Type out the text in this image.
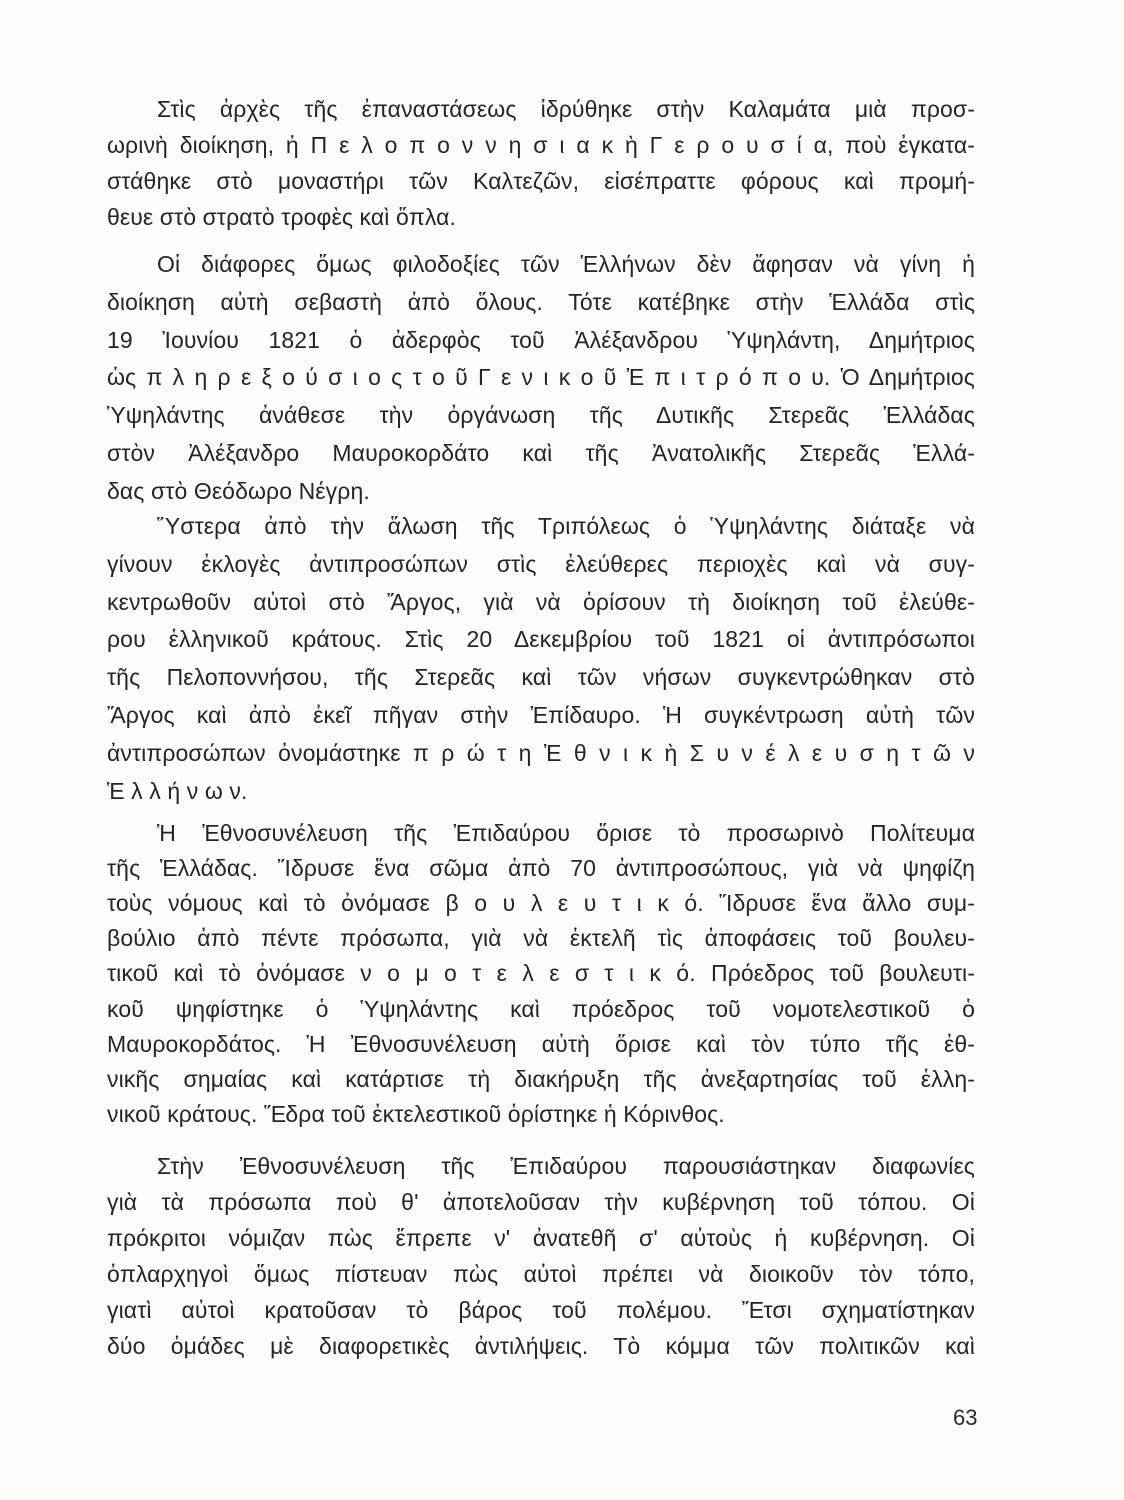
63
Στὶς ἀρχὲς τῆς ἐπαναστάσεως ἱδρύθηκε στὴν Καλαμάτα μιὰ προσ-
ωρινὴ διοίκηση, ἡ Π ε λ ο π ο ν ν η σ ι α κ ὴ Γ ε ρ ο υ σ ί α, ποὺ ἐγκατα-
στάθηκε στὸ μοναστήρι τῶν Καλτεζῶν, εἰσέπραττε φόρους καὶ προμή-
θευε στὸ στρατὸ τροφὲς καὶ ὅπλα.
Οἱ διάφορες ὅμως φιλοδοξίες τῶν Ἑλλήνων δὲν ἄφησαν νὰ γίνη ἡ
διοίκηση αὐτὴ σεβαστὴ ἀπὸ ὅλους. Τότε κατέβηκε στὴν Ἑλλάδα στὶς
19 Ἰουνίου 1821 ὁ ἀδερφὸς τοῦ Ἀλέξανδρου Ὑψηλάντη, Δημήτριος
ὡς π λ η ρ ε ξ ο ύ σ ι ο ς τ ο ῦ Γ ε ν ι κ ο ῦ Ἐ π ι τ ρ ό π ο υ. Ὁ Δημήτριος
Ὑψηλάντης ἀνάθεσε τὴν ὀργάνωση τῆς Δυτικῆς Στερεᾶς Ἑλλάδας
στὸν Ἀλέξανδρο Μαυροκορδάτο καὶ τῆς Ἀνατολικῆς Στερεᾶς Ἑλλά-
δας στὸ Θεόδωρο Νέγρη.
Ὕστερα ἀπὸ τὴν ἅλωση τῆς Τριπόλεως ὁ Ὑψηλάντης διάταξε νὰ
γίνουν ἐκλογὲς ἀντιπροσώπων στὶς ἐλεύθερες περιοχὲς καὶ νὰ συγ-
κεντρωθοῦν αὐτοὶ στὸ Ἄργος, γιὰ νὰ ὁρίσουν τὴ διοίκηση τοῦ ἐλεύθε-
ρου ἑλληνικοῦ κράτους. Στὶς 20 Δεκεμβρίου τοῦ 1821 οἱ ἀντιπρόσωποι
τῆς Πελοποννήσου, τῆς Στερεᾶς καὶ τῶν νήσων συγκεντρώθηκαν στὸ
Ἄργος καὶ ἀπὸ ἐκεῖ πῆγαν στὴν Ἐπίδαυρο. Ἡ συγκέντρωση αὐτὴ τῶν
ἀντιπροσώπων ὀνομάστηκε π ρ ώ τ η Ἐ θ ν ι κ ὴ Σ υ ν έ λ ε υ σ η τ ῶ ν
Ἑ λ λ ή ν ω ν.
Ἡ Ἐθνοσυνέλευση τῆς Ἐπιδαύρου ὅρισε τὸ προσωρινὸ Πολίτευμα
τῆς Ἑλλάδας. Ἵδρυσε ἕνα σῶμα ἀπὸ 70 ἀντιπροσώπους, γιὰ νὰ ψηφίζη
τοὺς νόμους καὶ τὸ ὀνόμασε β ο υ λ ε υ τ ι κ ό. Ἵδρυσε ἕνα ἄλλο συμ-
βούλιο ἀπὸ πέντε πρόσωπα, γιὰ νὰ ἐκτελῆ τὶς ἀποφάσεις τοῦ βουλευ-
τικοῦ καὶ τὸ ὀνόμασε ν ο μ ο τ ε λ ε σ τ ι κ ό. Πρόεδρος τοῦ βουλευτι-
κοῦ ψηφίστηκε ὁ Ὑψηλάντης καὶ πρόεδρος τοῦ νομοτελεστικοῦ ὁ
Μαυροκορδάτος. Ἡ Ἐθνοσυνέλευση αὐτὴ ὅρισε καὶ τὸν τύπο τῆς ἐθ-
νικῆς σημαίας καὶ κατάρτισε τὴ διακήρυξη τῆς ἀνεξαρτησίας τοῦ ἑλλη-
νικοῦ κράτους. Ἕδρα τοῦ ἐκτελεστικοῦ ὁρίστηκε ἡ Κόρινθος.
Στὴν Ἐθνοσυνέλευση τῆς Ἐπιδαύρου παρουσιάστηκαν διαφωνίες
γιὰ τὰ πρόσωπα ποὺ θ' ἀποτελοῦσαν τὴν κυβέρνηση τοῦ τόπου. Οἱ
πρόκριτοι νόμιζαν πὼς ἔπρεπε ν' ἀνατεθῆ σ' αὐτοὺς ἡ κυβέρνηση. Οἱ
ὁπλαρχηγοὶ ὅμως πίστευαν πὼς αὐτοὶ πρέπει νὰ διοικοῦν τὸν τόπο,
γιατὶ αὐτοὶ κρατοῦσαν τὸ βάρος τοῦ πολέμου. Ἔτσι σχηματίστηκαν
δύο ὁμάδες μὲ διαφορετικὲς ἀντιλήψεις. Τὸ κόμμα τῶν πολιτικῶν καὶ
